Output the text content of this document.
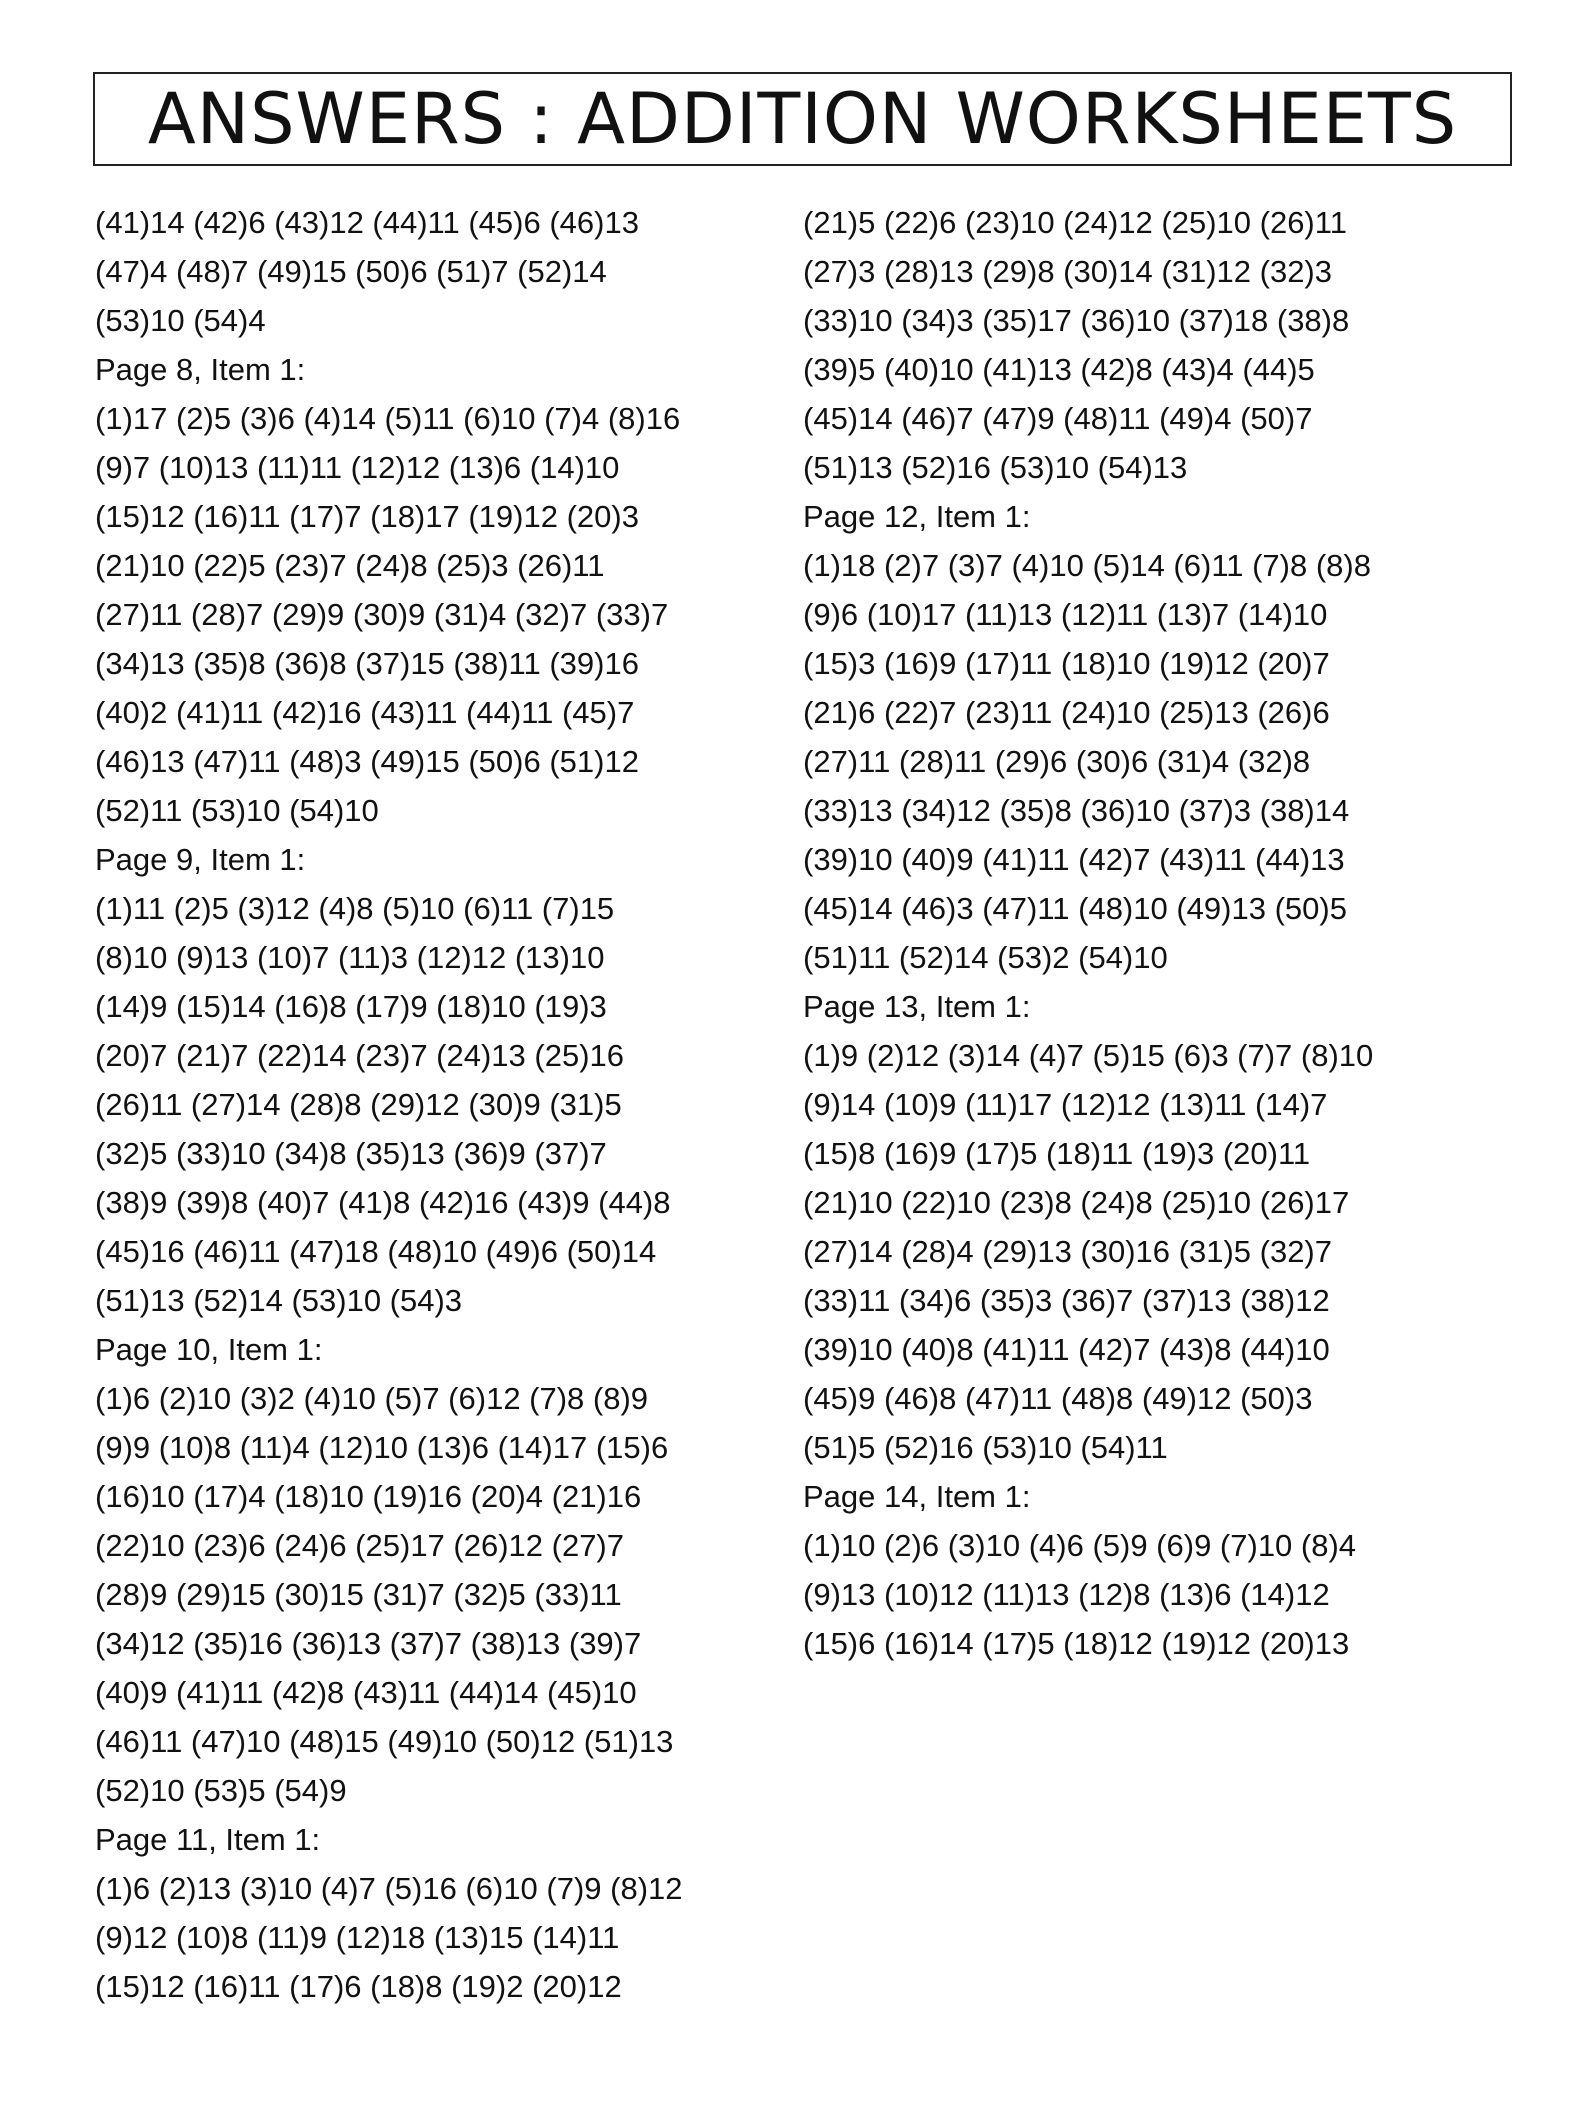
ANSWERS : ADDITION WORKSHEETS
(41)14 (42)6 (43)12 (44)11 (45)6 (46)13
(47)4 (48)7 (49)15 (50)6 (51)7 (52)14
(53)10 (54)4
Page 8, Item 1:
(1)17 (2)5 (3)6 (4)14 (5)11 (6)10 (7)4 (8)16
(9)7 (10)13 (11)11 (12)12 (13)6 (14)10
(15)12 (16)11 (17)7 (18)17 (19)12 (20)3
(21)10 (22)5 (23)7 (24)8 (25)3 (26)11
(27)11 (28)7 (29)9 (30)9 (31)4 (32)7 (33)7
(34)13 (35)8 (36)8 (37)15 (38)11 (39)16
(40)2 (41)11 (42)16 (43)11 (44)11 (45)7
(46)13 (47)11 (48)3 (49)15 (50)6 (51)12
(52)11 (53)10 (54)10
Page 9, Item 1:
(1)11 (2)5 (3)12 (4)8 (5)10 (6)11 (7)15
(8)10 (9)13 (10)7 (11)3 (12)12 (13)10
(14)9 (15)14 (16)8 (17)9 (18)10 (19)3
(20)7 (21)7 (22)14 (23)7 (24)13 (25)16
(26)11 (27)14 (28)8 (29)12 (30)9 (31)5
(32)5 (33)10 (34)8 (35)13 (36)9 (37)7
(38)9 (39)8 (40)7 (41)8 (42)16 (43)9 (44)8
(45)16 (46)11 (47)18 (48)10 (49)6 (50)14
(51)13 (52)14 (53)10 (54)3
Page 10, Item 1:
(1)6 (2)10 (3)2 (4)10 (5)7 (6)12 (7)8 (8)9
(9)9 (10)8 (11)4 (12)10 (13)6 (14)17 (15)6
(16)10 (17)4 (18)10 (19)16 (20)4 (21)16
(22)10 (23)6 (24)6 (25)17 (26)12 (27)7
(28)9 (29)15 (30)15 (31)7 (32)5 (33)11
(34)12 (35)16 (36)13 (37)7 (38)13 (39)7
(40)9 (41)11 (42)8 (43)11 (44)14 (45)10
(46)11 (47)10 (48)15 (49)10 (50)12 (51)13
(52)10 (53)5 (54)9
Page 11, Item 1:
(1)6 (2)13 (3)10 (4)7 (5)16 (6)10 (7)9 (8)12
(9)12 (10)8 (11)9 (12)18 (13)15 (14)11
(15)12 (16)11 (17)6 (18)8 (19)2 (20)12
(21)5 (22)6 (23)10 (24)12 (25)10 (26)11
(27)3 (28)13 (29)8 (30)14 (31)12 (32)3
(33)10 (34)3 (35)17 (36)10 (37)18 (38)8
(39)5 (40)10 (41)13 (42)8 (43)4 (44)5
(45)14 (46)7 (47)9 (48)11 (49)4 (50)7
(51)13 (52)16 (53)10 (54)13
Page 12, Item 1:
(1)18 (2)7 (3)7 (4)10 (5)14 (6)11 (7)8 (8)8
(9)6 (10)17 (11)13 (12)11 (13)7 (14)10
(15)3 (16)9 (17)11 (18)10 (19)12 (20)7
(21)6 (22)7 (23)11 (24)10 (25)13 (26)6
(27)11 (28)11 (29)6 (30)6 (31)4 (32)8
(33)13 (34)12 (35)8 (36)10 (37)3 (38)14
(39)10 (40)9 (41)11 (42)7 (43)11 (44)13
(45)14 (46)3 (47)11 (48)10 (49)13 (50)5
(51)11 (52)14 (53)2 (54)10
Page 13, Item 1:
(1)9 (2)12 (3)14 (4)7 (5)15 (6)3 (7)7 (8)10
(9)14 (10)9 (11)17 (12)12 (13)11 (14)7
(15)8 (16)9 (17)5 (18)11 (19)3 (20)11
(21)10 (22)10 (23)8 (24)8 (25)10 (26)17
(27)14 (28)4 (29)13 (30)16 (31)5 (32)7
(33)11 (34)6 (35)3 (36)7 (37)13 (38)12
(39)10 (40)8 (41)11 (42)7 (43)8 (44)10
(45)9 (46)8 (47)11 (48)8 (49)12 (50)3
(51)5 (52)16 (53)10 (54)11
Page 14, Item 1:
(1)10 (2)6 (3)10 (4)6 (5)9 (6)9 (7)10 (8)4
(9)13 (10)12 (11)13 (12)8 (13)6 (14)12
(15)6 (16)14 (17)5 (18)12 (19)12 (20)13
